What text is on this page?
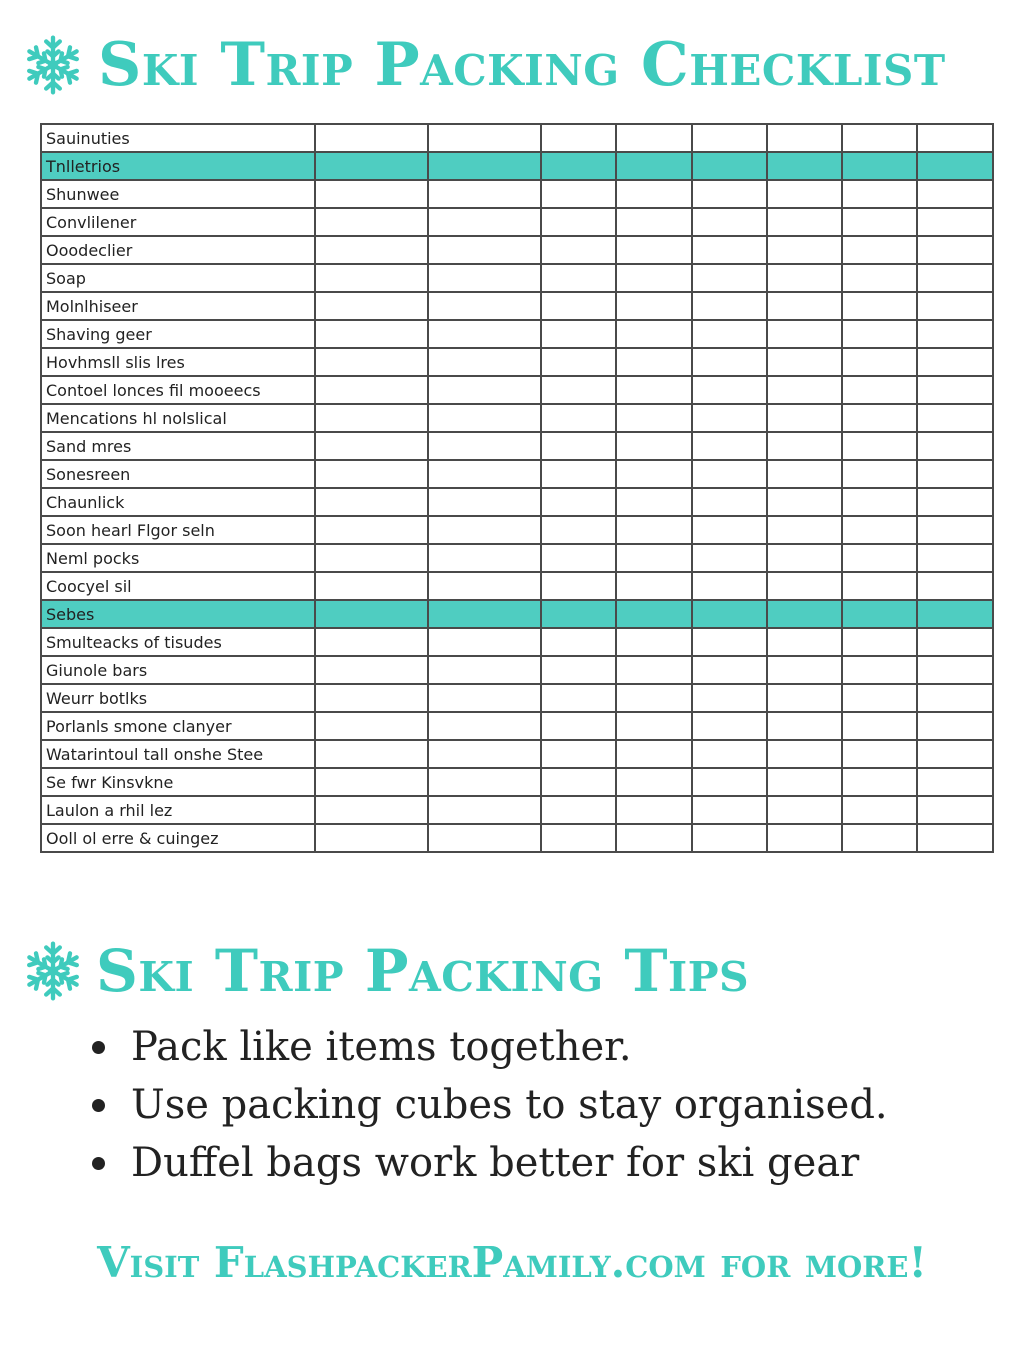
Ski Trip Packing Checklist
Sauinuties								
Tnlletrios								
Shunwee								
Convlilener								
Ooodeclier								
Soap								
Molnlhiseer								
Shaving geer								
Hovhmsll slis lres								
Contoel lonces fil mooeecs								
Mencations hl nolslical								
Sand mres								
Sonesreen								
Chaunlick								
Soon hearl Flgor seln								
Neml pocks								
Coocyel sil								
Sebes								
Smulteacks of tisudes								
Giunole bars								
Weurr botlks								
Porlanls smone clanyer								
Watarintoul tall onshe Stee								
Se fwr Kinsvkne								
Laulon a rhil lez								
Ooll ol erre & cuingez								
Ski Trip Packing Tips
Pack like items together.
Use packing cubes to stay organised.
Duffel bags work better for ski gear
Visit FlashpackerPamily.com for more!
